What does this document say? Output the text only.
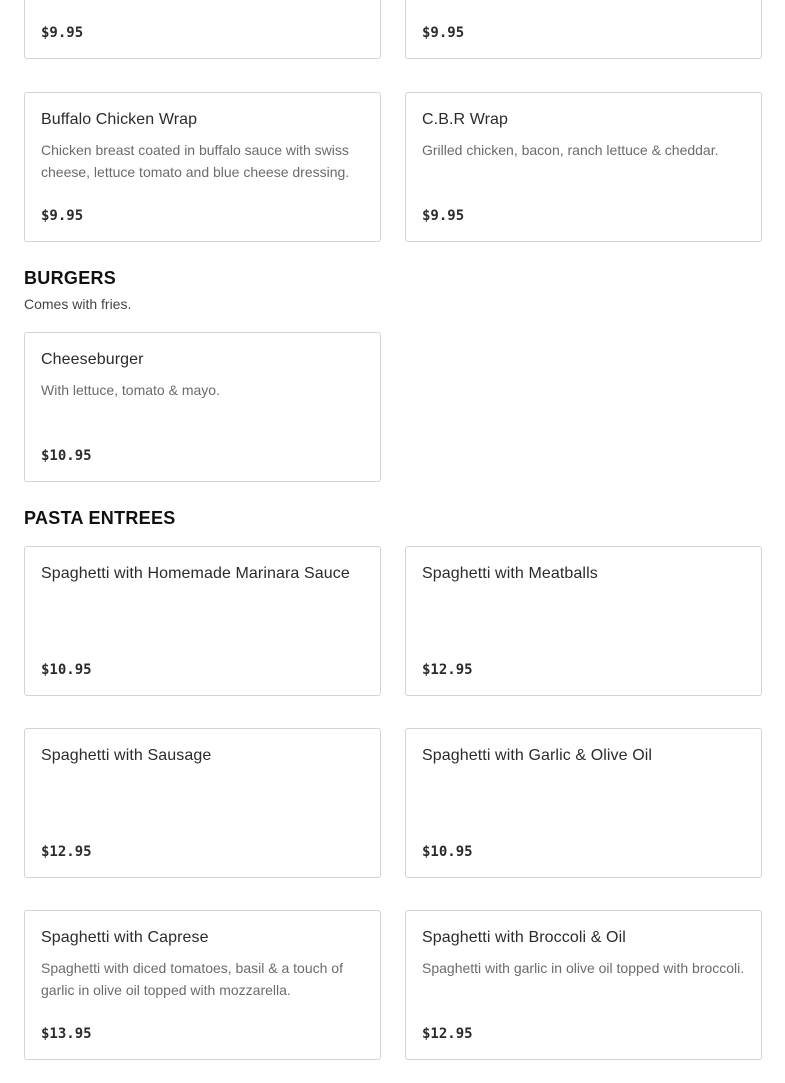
$9.95	$9.95
Buffalo Chicken Wrap
Chicken breast coated in buffalo sauce with swiss cheese, lettuce tomato and blue cheese dressing.
$9.95
C.B.R Wrap
Grilled chicken, bacon, ranch lettuce & cheddar.
$9.95
BURGERS
Comes with fries.
Cheeseburger
With lettuce, tomato & mayo.
$10.95
PASTA ENTREES
Spaghetti with Homemade Marinara Sauce
$10.95
Spaghetti with Meatballs
$12.95
Spaghetti with Sausage
$12.95
Spaghetti with Garlic & Olive Oil
$10.95
Spaghetti with Caprese
Spaghetti with diced tomatoes, basil & a touch of garlic in olive oil topped with mozzarella.
$13.95
Spaghetti with Broccoli & Oil
Spaghetti with garlic in olive oil topped with broccoli.
$12.95
